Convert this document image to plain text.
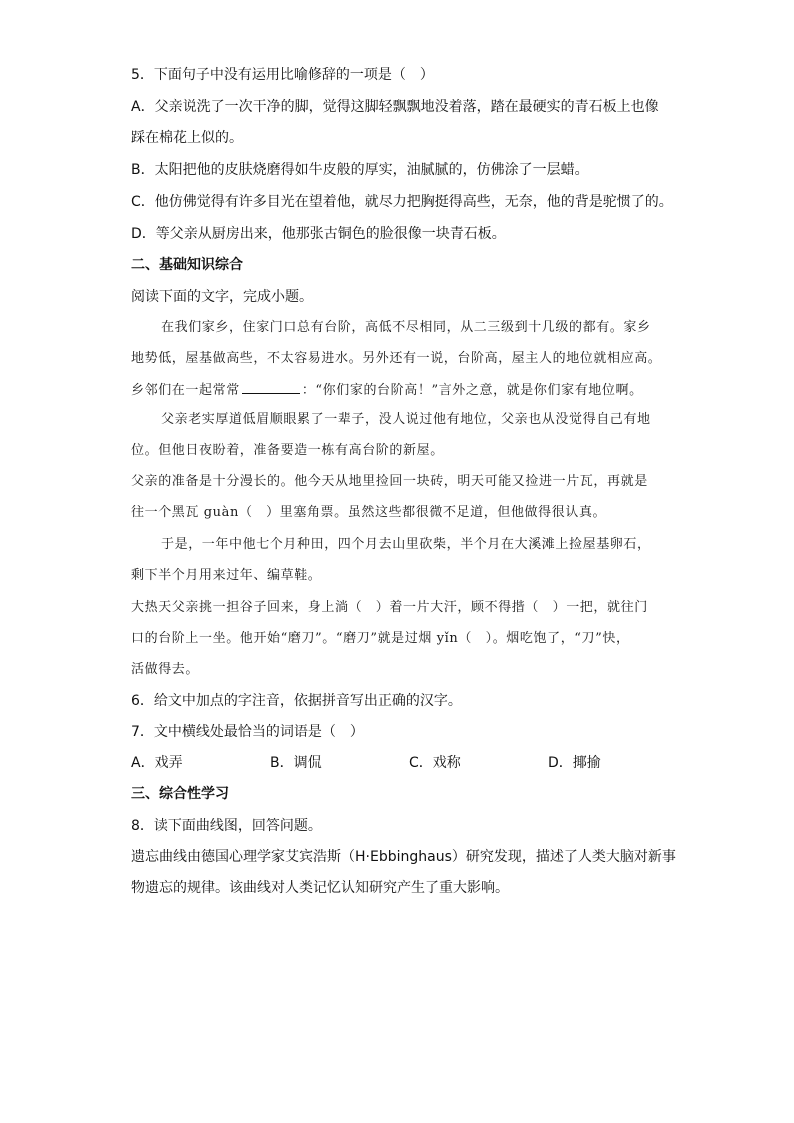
5．下面句子中没有运用比喻修辞的一项是（　）
A．父亲说洗了一次干净的脚，觉得这脚轻飘飘地没着落，踏在最硬实的青石板上也像
踩在棉花上似的。
B．太阳把他的皮肤烧磨得如牛皮般的厚实，油腻腻的，仿佛涂了一层蜡。
C．他仿佛觉得有许多目光在望着他，就尽力把胸挺得高些，无奈，他的背是驼惯了的。
D．等父亲从厨房出来，他那张古铜色的脸很像一块青石板。
二、基础知识综合
阅读下面的文字，完成小题。
在我们家乡，住家门口总有台阶，高低不尽相同，从二三级到十几级的都有。家乡
地势低，屋基做高些，不太容易进水。另外还有一说，台阶高，屋主人的地位就相应高。
乡邻们在一起常常	：“你们家的台阶高！”言外之意，就是你们家有地位啊。
父亲老实厚道低眉顺眼累了一辈子，没人说过他有地位，父亲也从没觉得自己有地
位。但他日夜盼着，准备要造一栋有高台阶的新屋。
父亲的准备是十分漫长的。他今天从地里捡回一块砖，明天可能又捡进一片瓦，再就是
往一个黑瓦 guàn（　）里塞角票。虽然这些都很微不足道，但他做得很认真。
于是，一年中他七个月种田，四个月去山里砍柴，半个月在大溪滩上捡屋基卵石，
剩下半个月用来过年、编草鞋。
大热天父亲挑一担谷子回来，身上淌（　）着一片大汗，顾不得揩（　）一把，就往门
口的台阶上一坐。他开始“磨刀”。“磨刀”就是过烟 yǐn（　）。烟吃饱了，“刀”快，
活做得去。
6．给文中加点的字注音，依据拼音写出正确的汉字。
7．文中横线处最恰当的词语是（　）
A．戏弄	B．调侃	C．戏称	D．揶揄
三、综合性学习
8．读下面曲线图，回答问题。
遗忘曲线由德国心理学家艾宾浩斯（H·Ebbinghaus）研究发现，描述了人类大脑对新事
物遗忘的规律。该曲线对人类记忆认知研究产生了重大影响。
